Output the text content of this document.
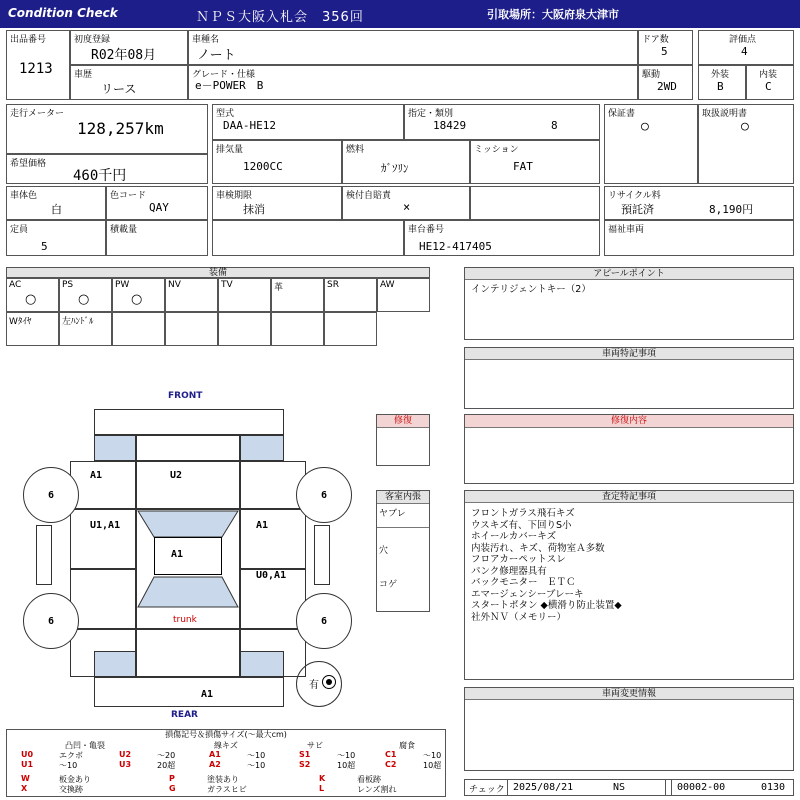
Condition Check	ＮＰＳ大阪入札会　356回	引取場所：大阪府泉大津市
出品番号
1213
初度登録
R02年08月
車歴
リース
車種名
ノート
グレード・仕様
e－POWER　B
ドア数
5
駆動
2WD
評価点
4
外装
B
内装
C
走行メーター
128,257km
希望価格
460千円
型式
DAA-HE12
指定・類別
18429	8
排気量
1200CC
燃料
ｶﾞｿﾘﾝ
ミッション
FAT
保証書
○
取扱説明書
○
車体色
白
色コード
QAY
車検期限
抹消
検付自賠責
×
リサイクル料
預託済	8,190円
定員
5
積載量	車台番号
HE12-417405
福祉車両
装備
AC
○
PS
○
PW
○
NV	TV	革	SR	AW
Wﾀｲﾔ	左ﾊﾝﾄﾞﾙ
FRONT
REAR
6	6
6	6
A1	U2
U1,A1	A1
A1
U0,A1
trunk
A1
有
修復
客室内張
ヤブレ
穴
コゲ
アピールポイント
インテリジェントキー（2）
車両特記事項
修復内容
査定特記事項
フロントガラス飛石キズ
ウスキズ有、下回りS小
ホイールカバーキズ
内装汚れ、キズ、荷物室Ａ多数
フロアカーペットスレ
パンク修理器具有
バックモニター　ＥＴＣ
エマージェンシーブレーキ
スタートボタン ◆横滑り防止装置◆
社外ＮＶ（メモリー）
車両変更情報
損傷記号＆損傷サイズ(〜最大cm)
凸凹・亀裂	線キズ	サビ	腐食
U0	エクボ	U2	〜20	A1	〜10	S1	〜10	C1	〜10
U1	〜10	U3	20超	A2	〜10	S2	10超	C2	10超
W	板金あり	P	塗装あり	K	看板跡
X	交換跡	G	ガラスヒビ	L	レンズ割れ	チェック 2025/08/21	NS	00002-00	0130
